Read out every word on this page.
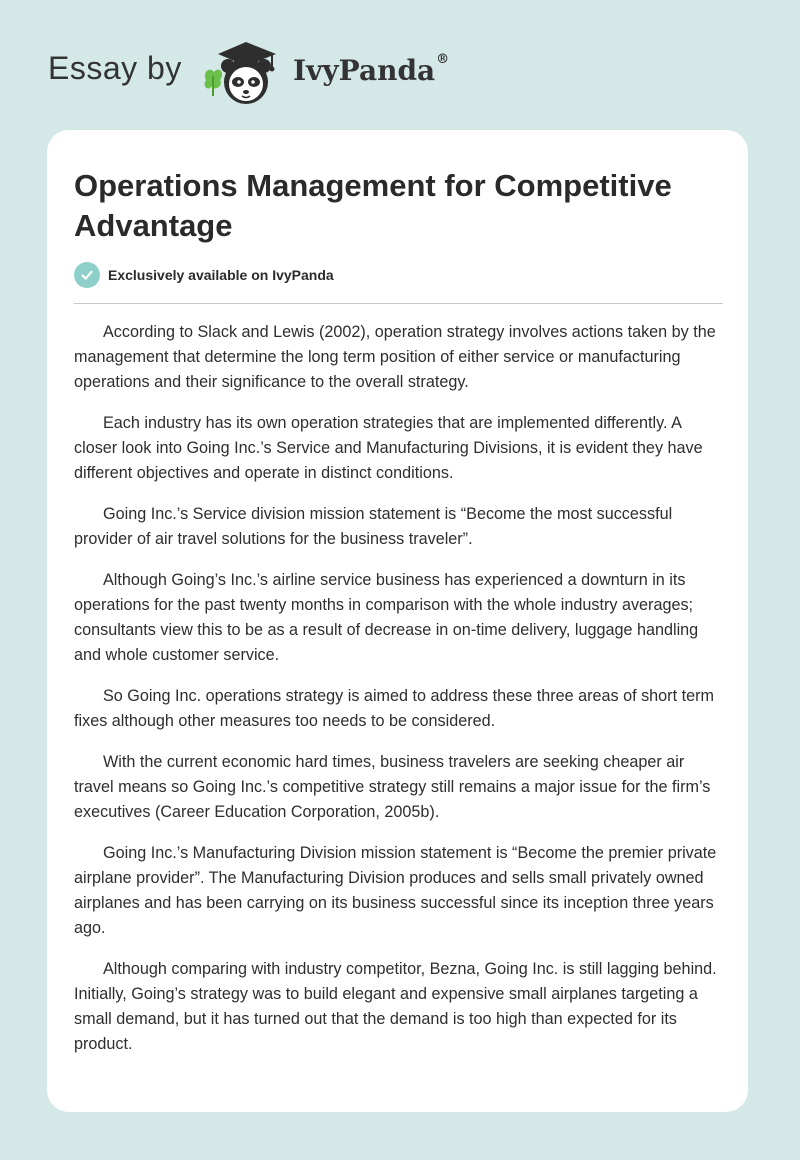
Essay by	IvyPanda®
Operations Management for Competitive Advantage
Exclusively available on IvyPanda

According to Slack and Lewis (2002), operation strategy involves actions taken by the management that determine the long term position of either service or manufacturing operations and their significance to the overall strategy.

Each industry has its own operation strategies that are implemented differently. A closer look into Going Inc.’s Service and Manufacturing Divisions, it is evident they have different objectives and operate in distinct conditions.

Going Inc.’s Service division mission statement is “Become the most successful provider of air travel solutions for the business traveler”.

Although Going’s Inc.’s airline service business has experienced a downturn in its operations for the past twenty months in comparison with the whole industry averages; consultants view this to be as a result of decrease in on-time delivery, luggage handling and whole customer service.

So Going Inc. operations strategy is aimed to address these three areas of short term fixes although other measures too needs to be considered.

With the current economic hard times, business travelers are seeking cheaper air travel means so Going Inc.’s competitive strategy still remains a major issue for the firm’s executives (Career Education Corporation, 2005b).

Going Inc.’s Manufacturing Division mission statement is “Become the premier private airplane provider”. The Manufacturing Division produces and sells small privately owned airplanes and has been carrying on its business successful since its inception three years ago.

Although comparing with industry competitor, Bezna, Going Inc. is still lagging behind. Initially, Going’s strategy was to build elegant and expensive small airplanes targeting a small demand, but it has turned out that the demand is too high than expected for its product.
